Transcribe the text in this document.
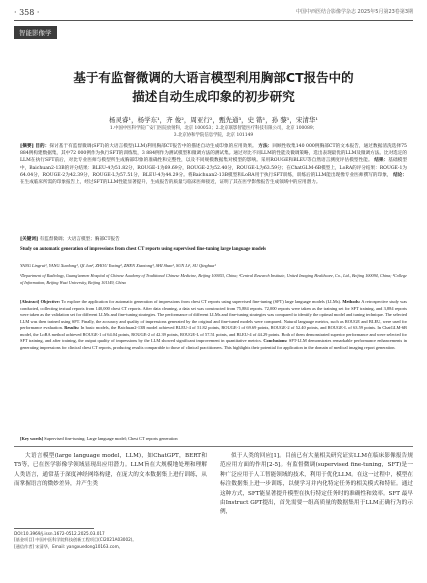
· 358 ·	中国中西医结合影像学杂志 2025年5月第23卷第3期
智能影像学
基于有监督微调的大语言模型利用胸部CT报告中的
描述自动生成印象的初步研究
杨灵睿¹，杨学东¹，齐 俊²，周亚行²，甄先通³，史 锴¹，孙 黎¹，宋清华¹
1.中国中医科学院广安门医院放射科，北京 100053；2.北京联影智能医疗科技有限公司，北京 100089；
3.北京协和学院信息学院，北京 101149
[摘要] 目的：探讨基于有监督微调(SFT)的大语言模型(LLM)利用胸部CT报告中的描述自动生成印象的应用效果。 方法：回顾性收集140 000例胸部CT的文本报告，通过数据清洗选择75 884例构建数据集，其中72 000例作为执行SFT的训练集，3 884例作为测试模型和微调方法的测试集。通过对比不同LLM的性能及微调策略，选出表现最优的LLM及微调方法。比对选定的LLM在执行SFT前后，对比专业医师与模型所生成胸部印象的准确性和完整性，以及不同规模数据集对模型的影响。采用ROUGE和BLEU等自然语言测度评估模型性能。 结果：基础模型中，Baichuan2-13B的评分结果：BLEU-4为51.82分，ROUGE-1为69.69分，ROUGE-2为52.40分，ROUGE-L为63.59分；在ChatGLM-6B模型上，LoRA的评分结果：ROUGE-1为64.04分，ROUGE-2为42.39分，ROUGE-L为57.51分，BLEU-4为44.29分。将Baichuan2-13B模型和LoRA用于执行SFT训练，训练后的LLM能出现像专业医师撰写的印象， 结论：在生成临床所需的印象报告上，经过SFT的LLM性能显著提升，生成报告的质量与临床医师接近，证明了其在医学影像报告生成领域中的应用潜力。
[关键词] 有监督微调；大语言模型；胸部CT报告
Study on automatic generation of impressions from chest CT reports using supervised fine-tuning large language models
YANG Lingrui¹, YANG Xuedong¹, QI Jun², ZHOU Yaxing², ZHEN Xiantong³, SHI Shan¹, SUN Li¹, SU Qinghua¹
¹Department of Radiology, Guang'anmen Hospital of Chinese Academy of Traditional Chinese Medicine, Beijing 100053, China; ²Central Research Institute, United Imaging Healthcare, Co., Ltd., Beijing 100094, China; ³College of Information, Beijing Wuzi University, Beijing 101149, China
[Abstract] Objective: To explore the application for automatic generation of impressions from chest CT reports using supervised fine-tuning (SFT) large language models (LLMs). Methods: A retrospective study was conducted, collecting textual reports from 140,000 chest CT reports. After data cleaning, a data set was constructed from 75,884 reports. 72,000 reports were taken as the training set for SFT training, and 3,884 reports were taken as the validation set for different LLMs and fine-tuning strategies. The performance of different LLMs and fine-tuning strategies was compared to identify the optimal model and tuning technique. The selected LLM was then trained using SFT. Finally, the accuracy and quality of impressions generated by the original and fine-tuned models were compared. Natural language metrics, such as ROUGE and BLEU, were used for performance evaluation. Results: In basic models, the Baichuan2-13B model achieved BLEU-4 of 51.82 points, ROUGE-1 of 69.69 points, ROUGE-2 of 52.40 points, and ROUGE-L of 63.59 points. In ChatGLM-6B model, the LoRA method achieved ROUGE-1 of 64.04 points, ROUGE-2 of 42.39 points, ROUGE-L of 57.51 points, and BLEU-4 of 44.29 points. Both of them demonstrated superior performance and were selected for SFT training, and after training, the output quality of impressions by the LLM showed significant improvement in quantitative metrics. Conclusions: SFT-LLM demonstrates remarkable performance enhancements in generating impressions for clinical chest CT reports, producing results comparable to those of clinical practitioners. This highlights their potential for application in the domain of medical imaging report generation.
[Key words] Supervised fine-tuning; Large language model; Chest CT reports generation
大语言模型(large language model，LLM)，如ChatGPT，BERT和T5等，已在医学影像学领域显现出应用潜力。LLM旨在大规模地处理和理解人类语言，通常基于深度神经网络构建，在庞大的文本数据集上进行训练，从而掌握语言的微妙差异，并产生类
似于人类的回应[1]。目前已有大量相关研究证实LLM在临床影像报告规范应用方面的作用[2-5]。有监督微调(supervised fine-tuning，SFT)是一种广泛应用于人工智能领域的技术，利用于优化LLM。在这一过程中，模型在标注数据集上进一步训练，以便学习并内化特定任务的相关模式和特征。通过这种方式，SFT能显著提升模型在执行特定任务时的准确性和效率。SFT 最早由Instruct GPT提出，首先需要一组高质量的数据集用于LLM正确行为的示例，
DOI:10.3969/j.issn.1672-0512.2025.03.017
[基金项目] 中国中医科学院科技创新工程项目(CI2021A03002)。
[通信作者] 宋清华，Email: yangxuedong10163.com。
